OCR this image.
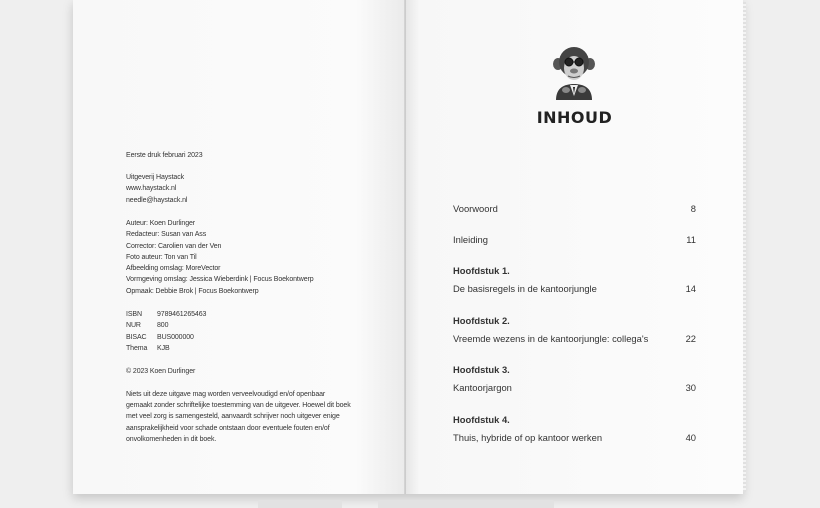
Eerste druk februari 2023
Uitgeverij Haystack
www.haystack.nl
needle@haystack.nl
Auteur: Koen Durlinger
Redacteur: Susan van Ass
Corrector: Carolien van der Ven
Foto auteur: Ton van Til
Afbeelding omslag: MoreVector
Vormgeving omslag: Jessica Wieberdink | Focus Boekontwerp
Opmaak: Debbie Brok | Focus Boekontwerp
ISBN 9789461265463
NUR 800
BISAC BUS000000
Thema KJB
© 2023 Koen Durlinger
Niets uit deze uitgave mag worden verveelvoudigd en/of openbaar gemaakt zonder schriftelijke toestemming van de uitgever. Hoewel dit boek met veel zorg is samengesteld, aanvaardt schrijver noch uitgever enige aansprakelijkheid voor schade ontstaan door eventuele fouten en/of onvolkomenheden in dit boek.
INHOUD
Voorwoord	8
Inleiding	11
Hoofdstuk 1.
De basisregels in de kantoorjungle	14
Hoofdstuk 2.
Vreemde wezens in de kantoorjungle: collega's	22
Hoofdstuk 3.
Kantoorjargon	30
Hoofdstuk 4.
Thuis, hybride of op kantoor werken	40
